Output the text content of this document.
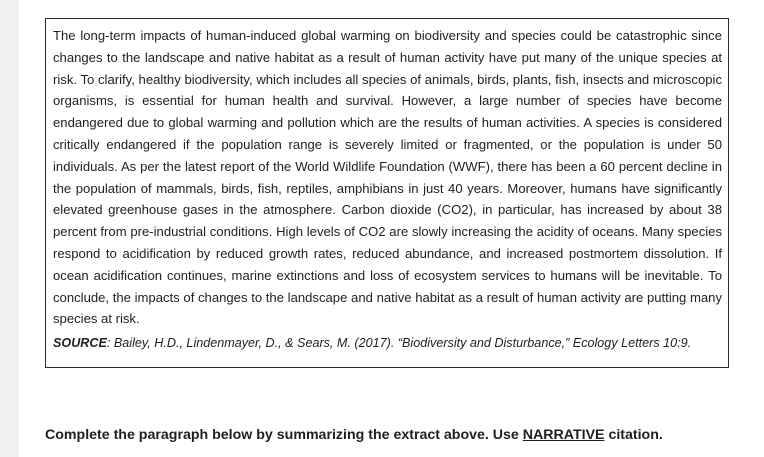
The long-term impacts of human-induced global warming on biodiversity and species could be catastrophic since changes to the landscape and native habitat as a result of human activity have put many of the unique species at risk. To clarify, healthy biodiversity, which includes all species of animals, birds, plants, fish, insects and microscopic organisms, is essential for human health and survival. However, a large number of species have become endangered due to global warming and pollution which are the results of human activities. A species is considered critically endangered if the population range is severely limited or fragmented, or the population is under 50 individuals. As per the latest report of the World Wildlife Foundation (WWF), there has been a 60 percent decline in the population of mammals, birds, fish, reptiles, amphibians in just 40 years. Moreover, humans have significantly elevated greenhouse gases in the atmosphere. Carbon dioxide (CO2), in particular, has increased by about 38 percent from pre-industrial conditions. High levels of CO2 are slowly increasing the acidity of oceans. Many species respond to acidification by reduced growth rates, reduced abundance, and increased postmortem dissolution. If ocean acidification continues, marine extinctions and loss of ecosystem services to humans will be inevitable. To conclude, the impacts of changes to the landscape and native habitat as a result of human activity are putting many species at risk.

SOURCE: Bailey, H.D., Lindenmayer, D., & Sears, M. (2017). “Biodiversity and Disturbance,” Ecology Letters 10:9.

Complete the paragraph below by summarizing the extract above. Use NARRATIVE citation.
